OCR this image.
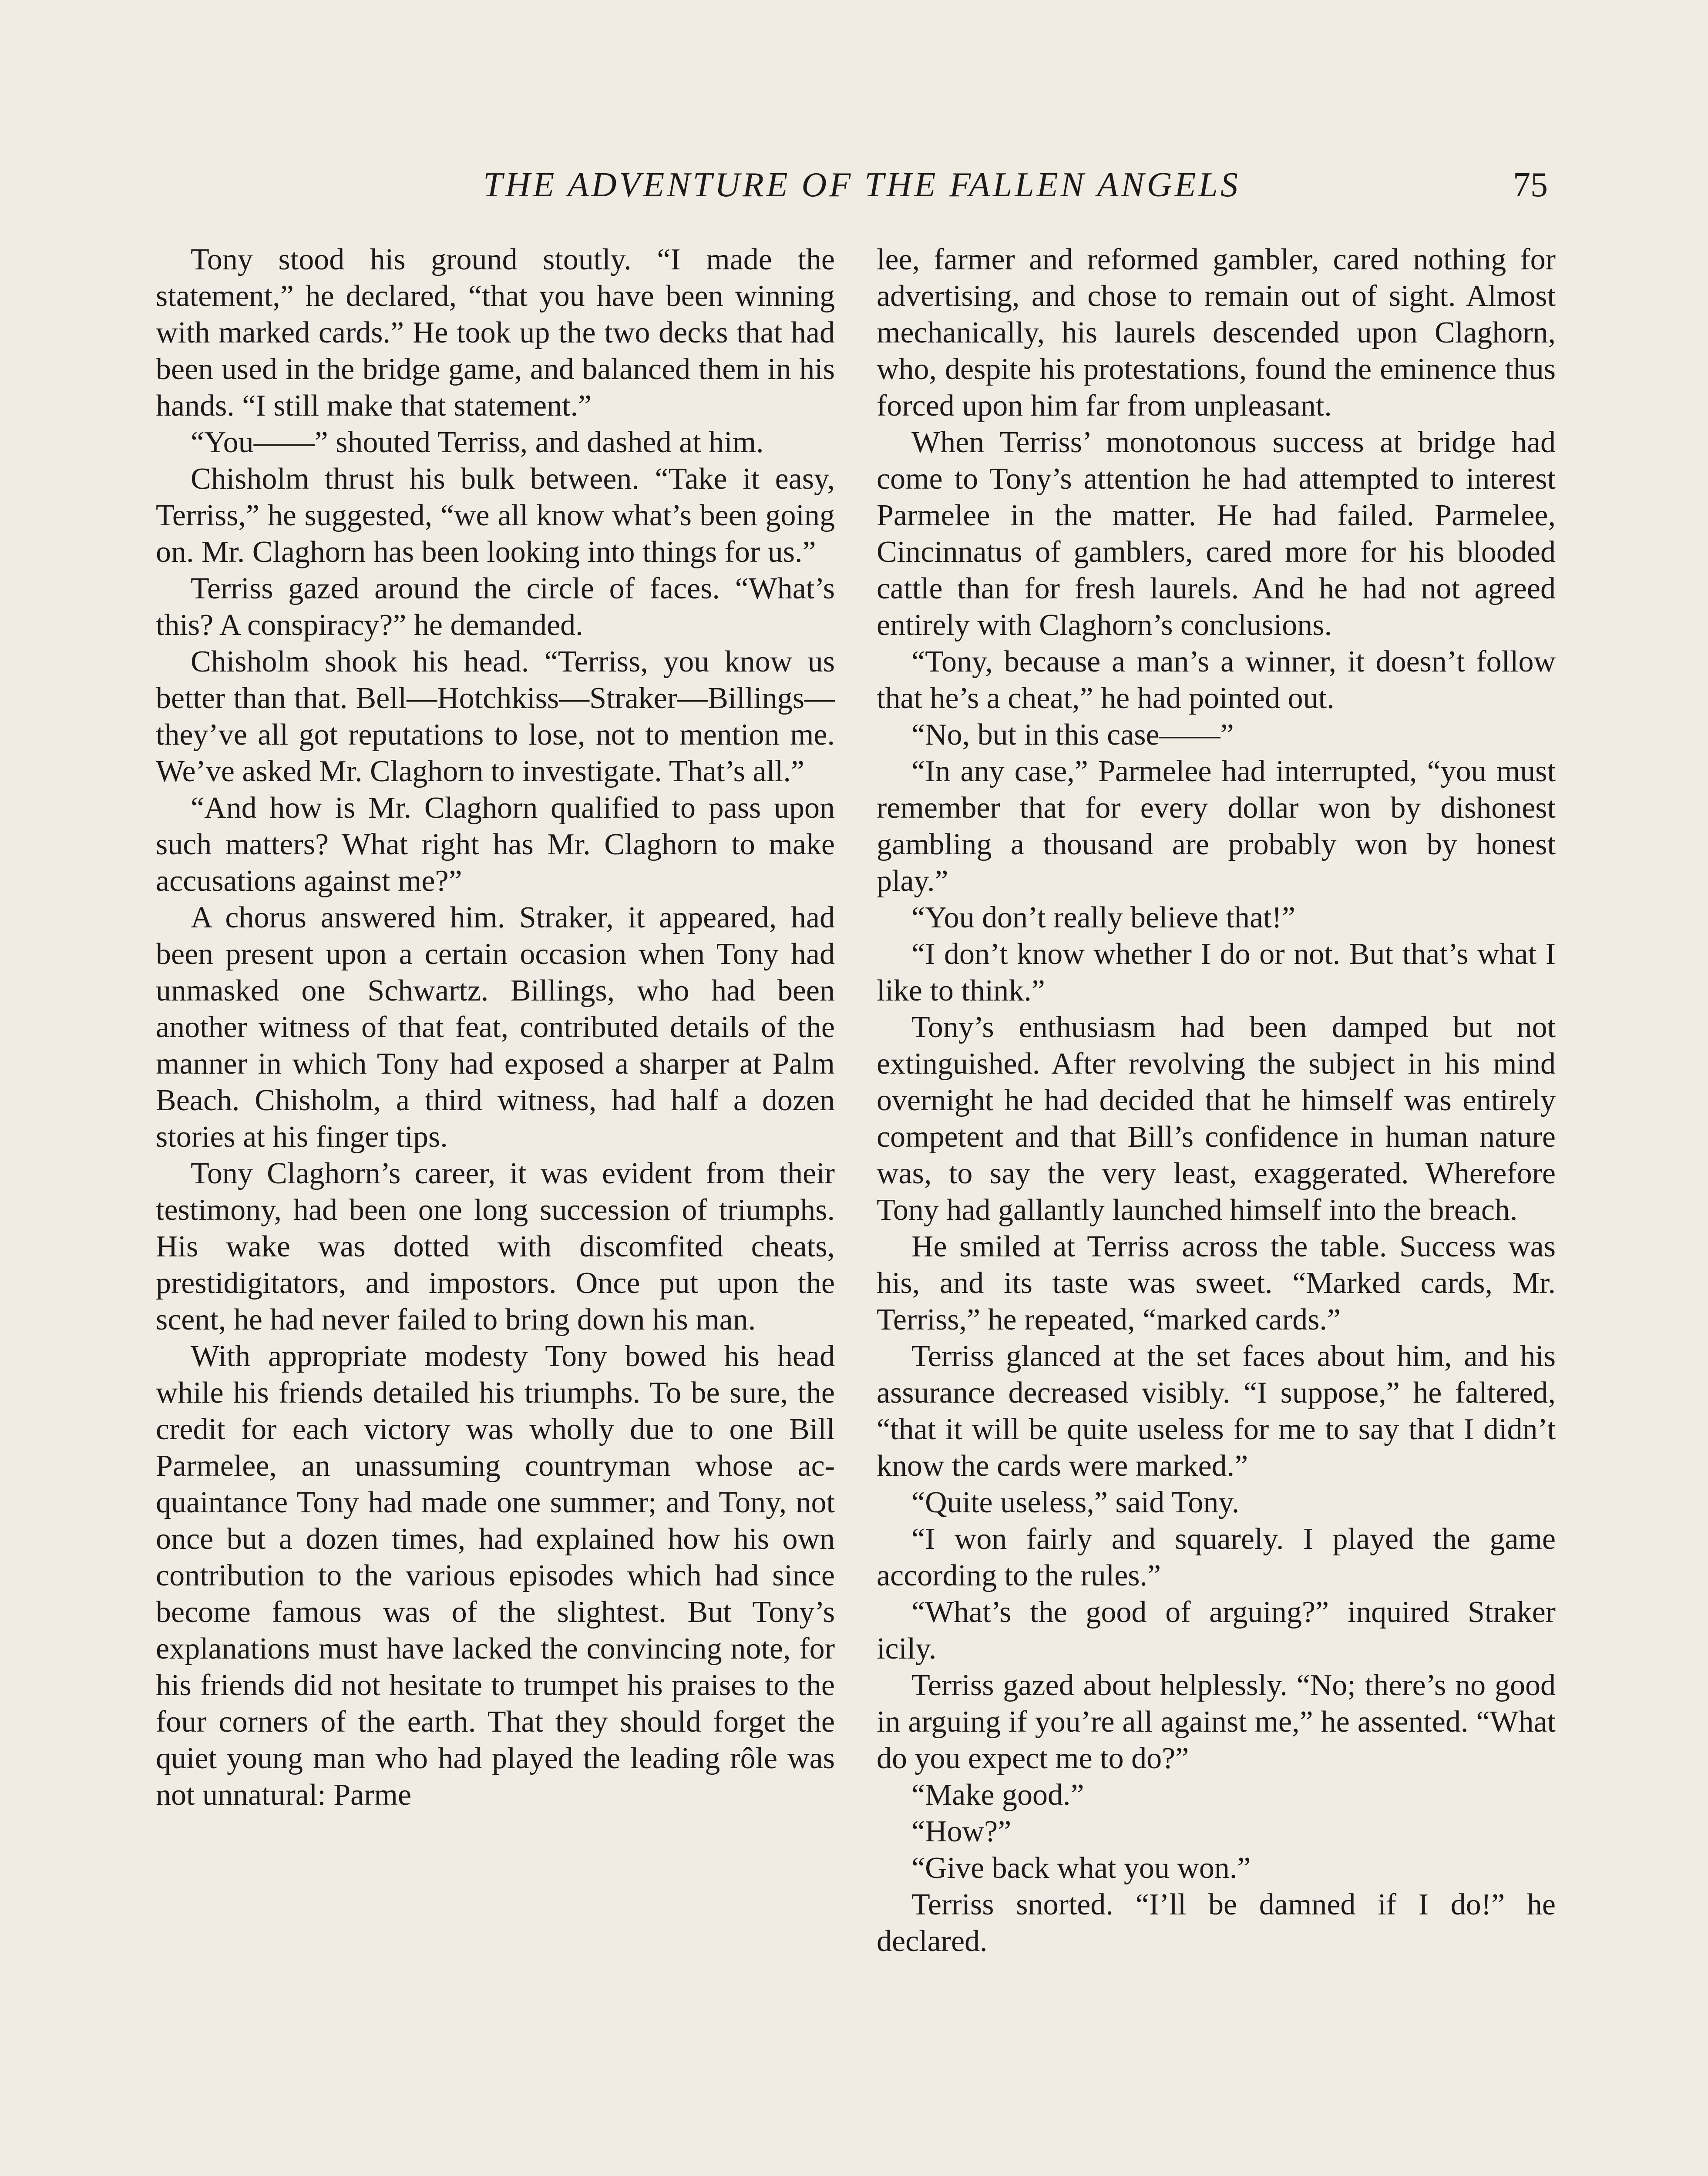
THE ADVENTURE OF THE FALLEN ANGELS	75

Tony stood his ground stoutly. “I made the statement,” he declared, “that you have been winning with marked cards.” He took up the two decks that had been used in the bridge game, and balanced them in his hands. “I still make that statement.”

“You——” shouted Terriss, and dashed at him.

Chisholm thrust his bulk between. “Take it easy, Terriss,” he suggested, “we all know what’s been going on. Mr. Claghorn has been looking into things for us.”

Terriss gazed around the circle of faces. “What’s this? A conspiracy?” he demanded.

Chisholm shook his head. “Terriss, you know us better than that. Bell—Hotchkiss—Straker—Billings—they’ve all got reputations to lose, not to mention me. We’ve asked Mr. Claghorn to investigate. That’s all.”

“And how is Mr. Claghorn qualified to pass upon such matters? What right has Mr. Claghorn to make accusations against me?”

A chorus answered him. Straker, it appeared, had been present upon a certain occasion when Tony had unmasked one Schwartz. Billings, who had been another witness of that feat, contributed details of the manner in which Tony had exposed a sharper at Palm Beach. Chisholm, a third witness, had half a dozen stories at his finger tips.

Tony Claghorn’s career, it was evident from their testimony, had been one long succession of triumphs. His wake was dotted with discomfited cheats, prestidigitators, and impostors. Once put upon the scent, he had never failed to bring down his man.

With appropriate modesty Tony bowed his head while his friends detailed his triumphs. To be sure, the credit for each victory was wholly due to one Bill Parmelee, an unassuming countryman whose acquaintance Tony had made one summer; and Tony, not once but a dozen times, had explained how his own contribution to the various episodes which had since become famous was of the slightest. But Tony’s explanations must have lacked the convincing note, for his friends did not hesitate to trumpet his praises to the four corners of the earth. That they should forget the quiet young man who had played the leading rôle was not unnatural: Parme

lee, farmer and reformed gambler, cared nothing for advertising, and chose to remain out of sight. Almost mechanically, his laurels descended upon Claghorn, who, despite his protestations, found the eminence thus forced upon him far from unpleasant.

When Terriss’ monotonous success at bridge had come to Tony’s attention he had attempted to interest Parmelee in the matter. He had failed. Parmelee, Cincinnatus of gamblers, cared more for his blooded cattle than for fresh laurels. And he had not agreed entirely with Claghorn’s conclusions.

“Tony, because a man’s a winner, it doesn’t follow that he’s a cheat,” he had pointed out.

“No, but in this case——”

“In any case,” Parmelee had interrupted, “you must remember that for every dollar won by dishonest gambling a thousand are probably won by honest play.”

“You don’t really believe that!”

“I don’t know whether I do or not. But that’s what I like to think.”

Tony’s enthusiasm had been damped but not extinguished. After revolving the subject in his mind overnight he had decided that he himself was entirely competent and that Bill’s confidence in human nature was, to say the very least, exaggerated. Wherefore Tony had gallantly launched himself into the breach.

He smiled at Terriss across the table. Success was his, and its taste was sweet. “Marked cards, Mr. Terriss,” he repeated, “marked cards.”

Terriss glanced at the set faces about him, and his assurance decreased visibly. “I suppose,” he faltered, “that it will be quite useless for me to say that I didn’t know the cards were marked.”

“Quite useless,” said Tony.

“I won fairly and squarely. I played the game according to the rules.”

“What’s the good of arguing?” inquired Straker icily.

Terriss gazed about helplessly. “No; there’s no good in arguing if you’re all against me,” he assented. “What do you expect me to do?”

“Make good.”

“How?”

“Give back what you won.”

Terriss snorted. “I’ll be damned if I do!” he declared.
